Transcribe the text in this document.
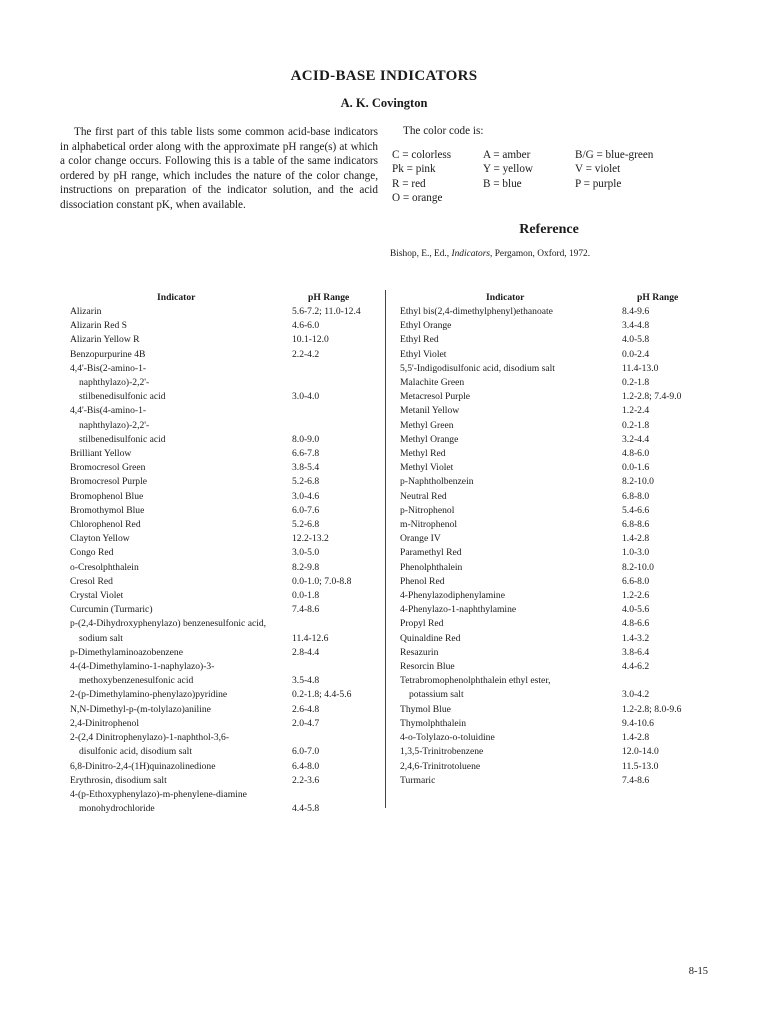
ACID-BASE INDICATORS
A. K. Covington

The first part of this table lists some common acid-base indicators in alphabetical order along with the approximate pH range(s) at which a color change occurs. Following this is a table of the same indicators ordered by pH range, which includes the nature of the color change, instructions on preparation of the indicator solution, and the acid dissociation constant pK, when available.

The color code is:
C = colorless
Pk = pink
R = red
O = orange
A = amber
Y = yellow
B = blue
B/G = blue-green
V = violet
P = purple
Reference
Bishop, E., Ed., Indicators, Pergamon, Oxford, 1972.
Indicator	pH Range
Alizarin	5.6-7.2; 11.0-12.4
Alizarin Red S	4.6-6.0
Alizarin Yellow R	10.1-12.0
Benzopurpurine 4B	2.2-4.2
4,4'-Bis(2-amino-1-
naphthylazo)-2,2'-
stilbenedisulfonic acid	3.0-4.0
4,4'-Bis(4-amino-1-
naphthylazo)-2,2'-
stilbenedisulfonic acid	8.0-9.0
Brilliant Yellow	6.6-7.8
Bromocresol Green	3.8-5.4
Bromocresol Purple	5.2-6.8
Bromophenol Blue	3.0-4.6
Bromothymol Blue	6.0-7.6
Chlorophenol Red	5.2-6.8
Clayton Yellow	12.2-13.2
Congo Red	3.0-5.0
o-Cresolphthalein	8.2-9.8
Cresol Red	0.0-1.0; 7.0-8.8
Crystal Violet	0.0-1.8
Curcumin (Turmaric)	7.4-8.6
p-(2,4-Dihydroxyphenylazo) benzenesulfonic acid,
sodium salt	11.4-12.6
p-Dimethylaminoazobenzene	2.8-4.4
4-(4-Dimethylamino-1-naphylazo)-3-
methoxybenzenesulfonic acid	3.5-4.8
2-(p-Dimethylamino-phenylazo)pyridine	0.2-1.8; 4.4-5.6
N,N-Dimethyl-p-(m-tolylazo)aniline	2.6-4.8
2,4-Dinitrophenol	2.0-4.7
2-(2,4 Dinitrophenylazo)-1-naphthol-3,6-
disulfonic acid, disodium salt	6.0-7.0
6,8-Dinitro-2,4-(1H)quinazolinedione	6.4-8.0
Erythrosin, disodium salt	2.2-3.6
4-(p-Ethoxyphenylazo)-m-phenylene-diamine
monohydrochloride	4.4-5.8
Indicator	pH Range
Ethyl bis(2,4-dimethylphenyl)ethanoate	8.4-9.6
Ethyl Orange	3.4-4.8
Ethyl Red	4.0-5.8
Ethyl Violet	0.0-2.4
5,5'-Indigodisulfonic acid, disodium salt	11.4-13.0
Malachite Green	0.2-1.8
Metacresol Purple	1.2-2.8; 7.4-9.0
Metanil Yellow	1.2-2.4
Methyl Green	0.2-1.8
Methyl Orange	3.2-4.4
Methyl Red	4.8-6.0
Methyl Violet	0.0-1.6
p-Naphtholbenzein	8.2-10.0
Neutral Red	6.8-8.0
p-Nitrophenol	5.4-6.6
m-Nitrophenol	6.8-8.6
Orange IV	1.4-2.8
Paramethyl Red	1.0-3.0
Phenolphthalein	8.2-10.0
Phenol Red	6.6-8.0
4-Phenylazodiphenylamine	1.2-2.6
4-Phenylazo-1-naphthylamine	4.0-5.6
Propyl Red	4.8-6.6
Quinaldine Red	1.4-3.2
Resazurin	3.8-6.4
Resorcin Blue	4.4-6.2
Tetrabromophenolphthalein ethyl ester,
potassium salt	3.0-4.2
Thymol Blue	1.2-2.8; 8.0-9.6
Thymolphthalein	9.4-10.6
4-o-Tolylazo-o-toluidine	1.4-2.8
1,3,5-Trinitrobenzene	12.0-14.0
2,4,6-Trinitrotoluene	11.5-13.0
Turmaric	7.4-8.6
8-15
